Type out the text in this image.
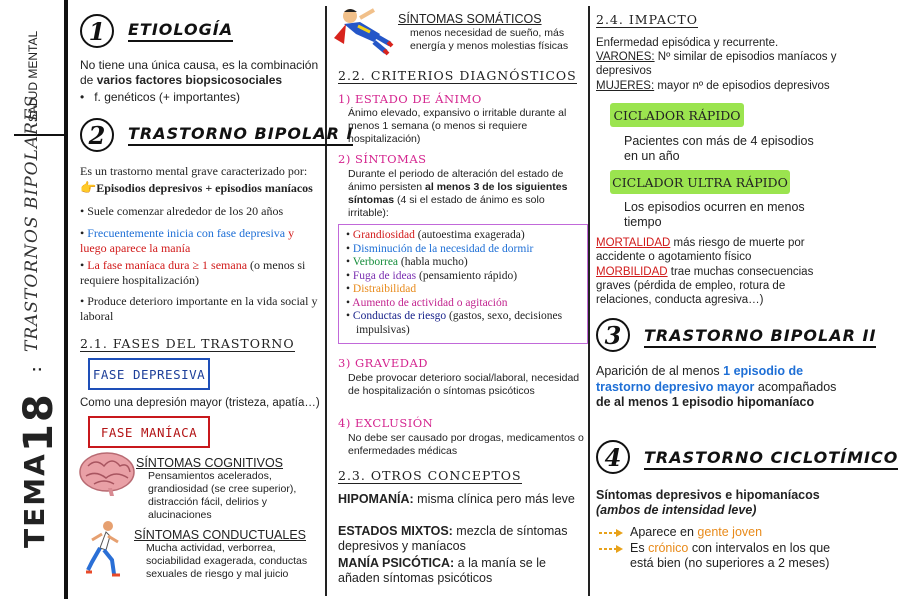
SALUD MENTAL
TRASTORNOS BIPOLARES
:
18
TEMA
1	ETIOLOGÍA
No tiene una única causa, es la combinación de varios factores biopsicosociales
•   f. genéticos (+ importantes)
2	TRASTORNO BIPOLAR I
Es un trastorno mental grave caracterizado por:
👉Episodios depresivos + episodios maníacos
• Suele comenzar alrededor de los 20 años
• Frecuentemente inicia con fase depresiva y luego aparece la manía
• La fase maníaca dura ≥ 1 semana (o menos si requiere hospitalización)
• Produce deterioro importante en la vida social y laboral
2.1. FASES DEL TRASTORNO
FASE DEPRESIVA
Como una depresión mayor (tristeza, apatía…)
FASE MANÍACA
SÍNTOMAS COGNITIVOS
Pensamientos acelerados, grandiosidad (se cree superior), distracción fácil, delirios y alucinaciones
SÍNTOMAS CONDUCTUALES
Mucha actividad, verborrea, sociabilidad exagerada, conductas sexuales de riesgo y mal juicio
SÍNTOMAS SOMÁTICOS
menos necesidad de sueño, más energía y menos molestias físicas
2.2. CRITERIOS DIAGNÓSTICOS
1) ESTADO DE ÁNIMO
Ánimo elevado, expansivo o irritable durante al menos 1 semana (o menos si requiere hospitalización)
2) SÍNTOMAS
Durante el periodo de alteración del estado de ánimo persisten al menos 3 de los siguientes síntomas (4 si el estado de ánimo es solo irritable):
• Grandiosidad (autoestima exagerada)
• Disminución de la necesidad de dormir
• Verborrea (habla mucho)
• Fuga de ideas (pensamiento rápido)
• Distraibilidad
• Aumento de actividad o agitación
• Conductas de riesgo (gastos, sexo, decisiones impulsivas)
3) GRAVEDAD
Debe provocar deterioro social/laboral, necesidad de hospitalización o síntomas psicóticos
4) EXCLUSIÓN
No debe ser causado por drogas, medicamentos o enfermedades médicas
2.3. OTROS CONCEPTOS
HIPOMANÍA: misma clínica pero más leve
ESTADOS MIXTOS: mezcla de síntomas depresivos y maníacos
MANÍA PSICÓTICA: a la manía se le añaden síntomas psicóticos
2.4. IMPACTO
Enfermedad episódica y recurrente.
VARONES: Nº similar de episodios maníacos y depresivos
MUJERES: mayor nº de episodios depresivos
CICLADOR RÁPIDO
Pacientes con más de 4 episodios en un año
CICLADOR ULTRA RÁPIDO
Los episodios ocurren en menos tiempo
MORTALIDAD más riesgo de muerte por accidente o agotamiento físico
MORBILIDAD trae muchas consecuencias graves (pérdida de empleo, rotura de relaciones, conducta agresiva…)
3	TRASTORNO BIPOLAR II
Aparición de al menos 1 episodio de trastorno depresivo mayor acompañados de al menos 1 episodio hipomaníaco
4	TRASTORNO CICLOTÍMICO
Síntomas depresivos e hipomaníacos
(ambos de intensidad leve)
Aparece en gente joven
Es crónico con intervalos en los que está bien (no superiores a 2 meses)
